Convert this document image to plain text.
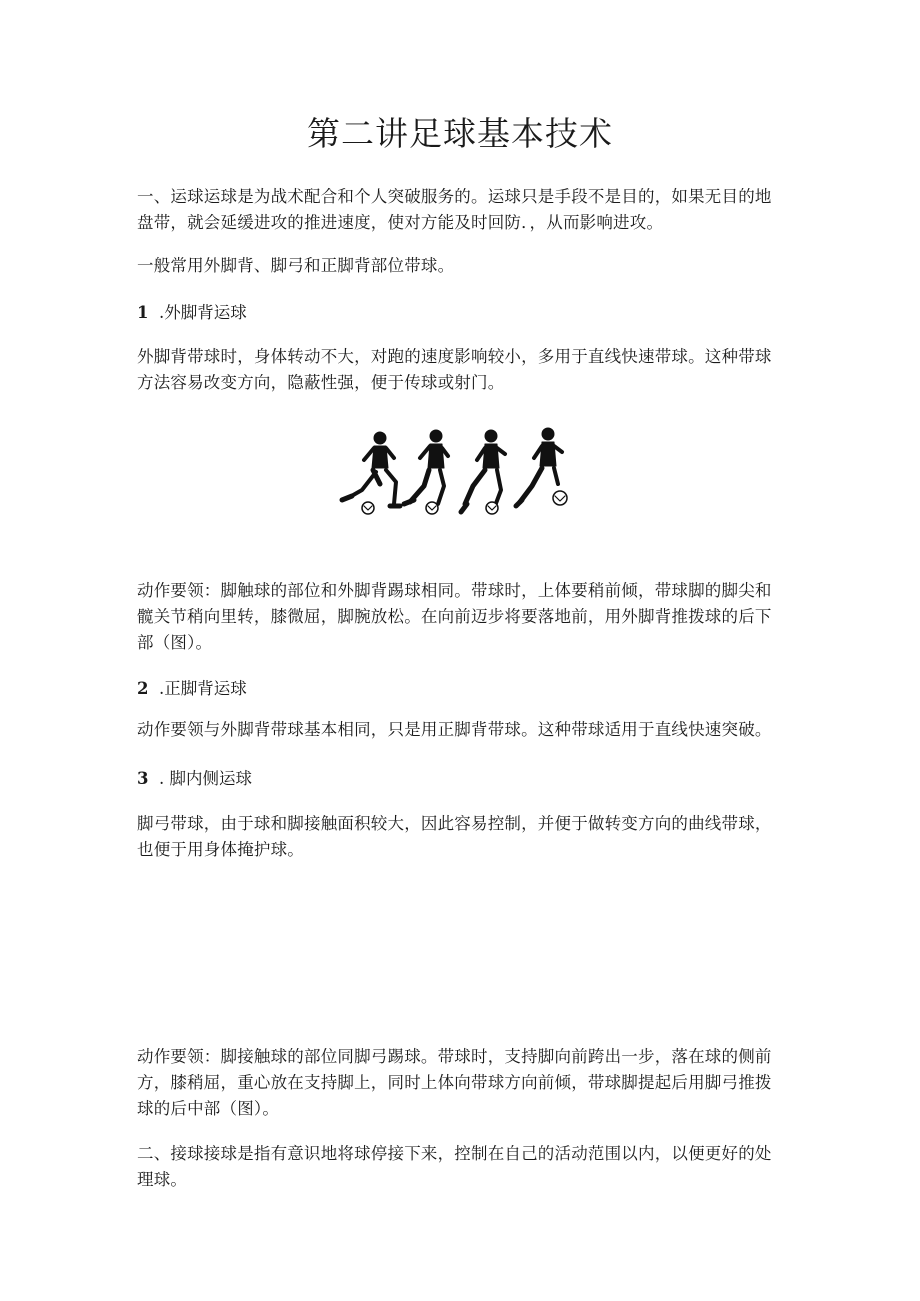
第二讲足球基本技术

一、运球运球是为战术配合和个人突破服务的。运球只是手段不是目的，如果无目的地盘带，就会延缓进攻的推进速度，使对方能及时回防．，从而影响进攻。

一般常用外脚背、脚弓和正脚背部位带球。

1 .外脚背运球

外脚背带球时，身体转动不大，对跑的速度影响较小，多用于直线快速带球。这种带球方法容易改变方向，隐蔽性强，便于传球或射门。

动作要领：脚触球的部位和外脚背踢球相同。带球时，上体要稍前倾，带球脚的脚尖和髋关节稍向里转，膝微屈，脚腕放松。在向前迈步将要落地前，用外脚背推拨球的后下部（图）。

2 .正脚背运球

动作要领与外脚背带球基本相同，只是用正脚背带球。这种带球适用于直线快速突破。

3 . 脚内侧运球

脚弓带球，由于球和脚接触面积较大，因此容易控制，并便于做转变方向的曲线带球，也便于用身体掩护球。

动作要领：脚接触球的部位同脚弓踢球。带球时，支持脚向前跨出一步，落在球的侧前方，膝稍屈，重心放在支持脚上，同时上体向带球方向前倾，带球脚提起后用脚弓推拨球的后中部（图）。

二、接球接球是指有意识地将球停接下来，控制在自己的活动范围以内，以便更好的处理球。
